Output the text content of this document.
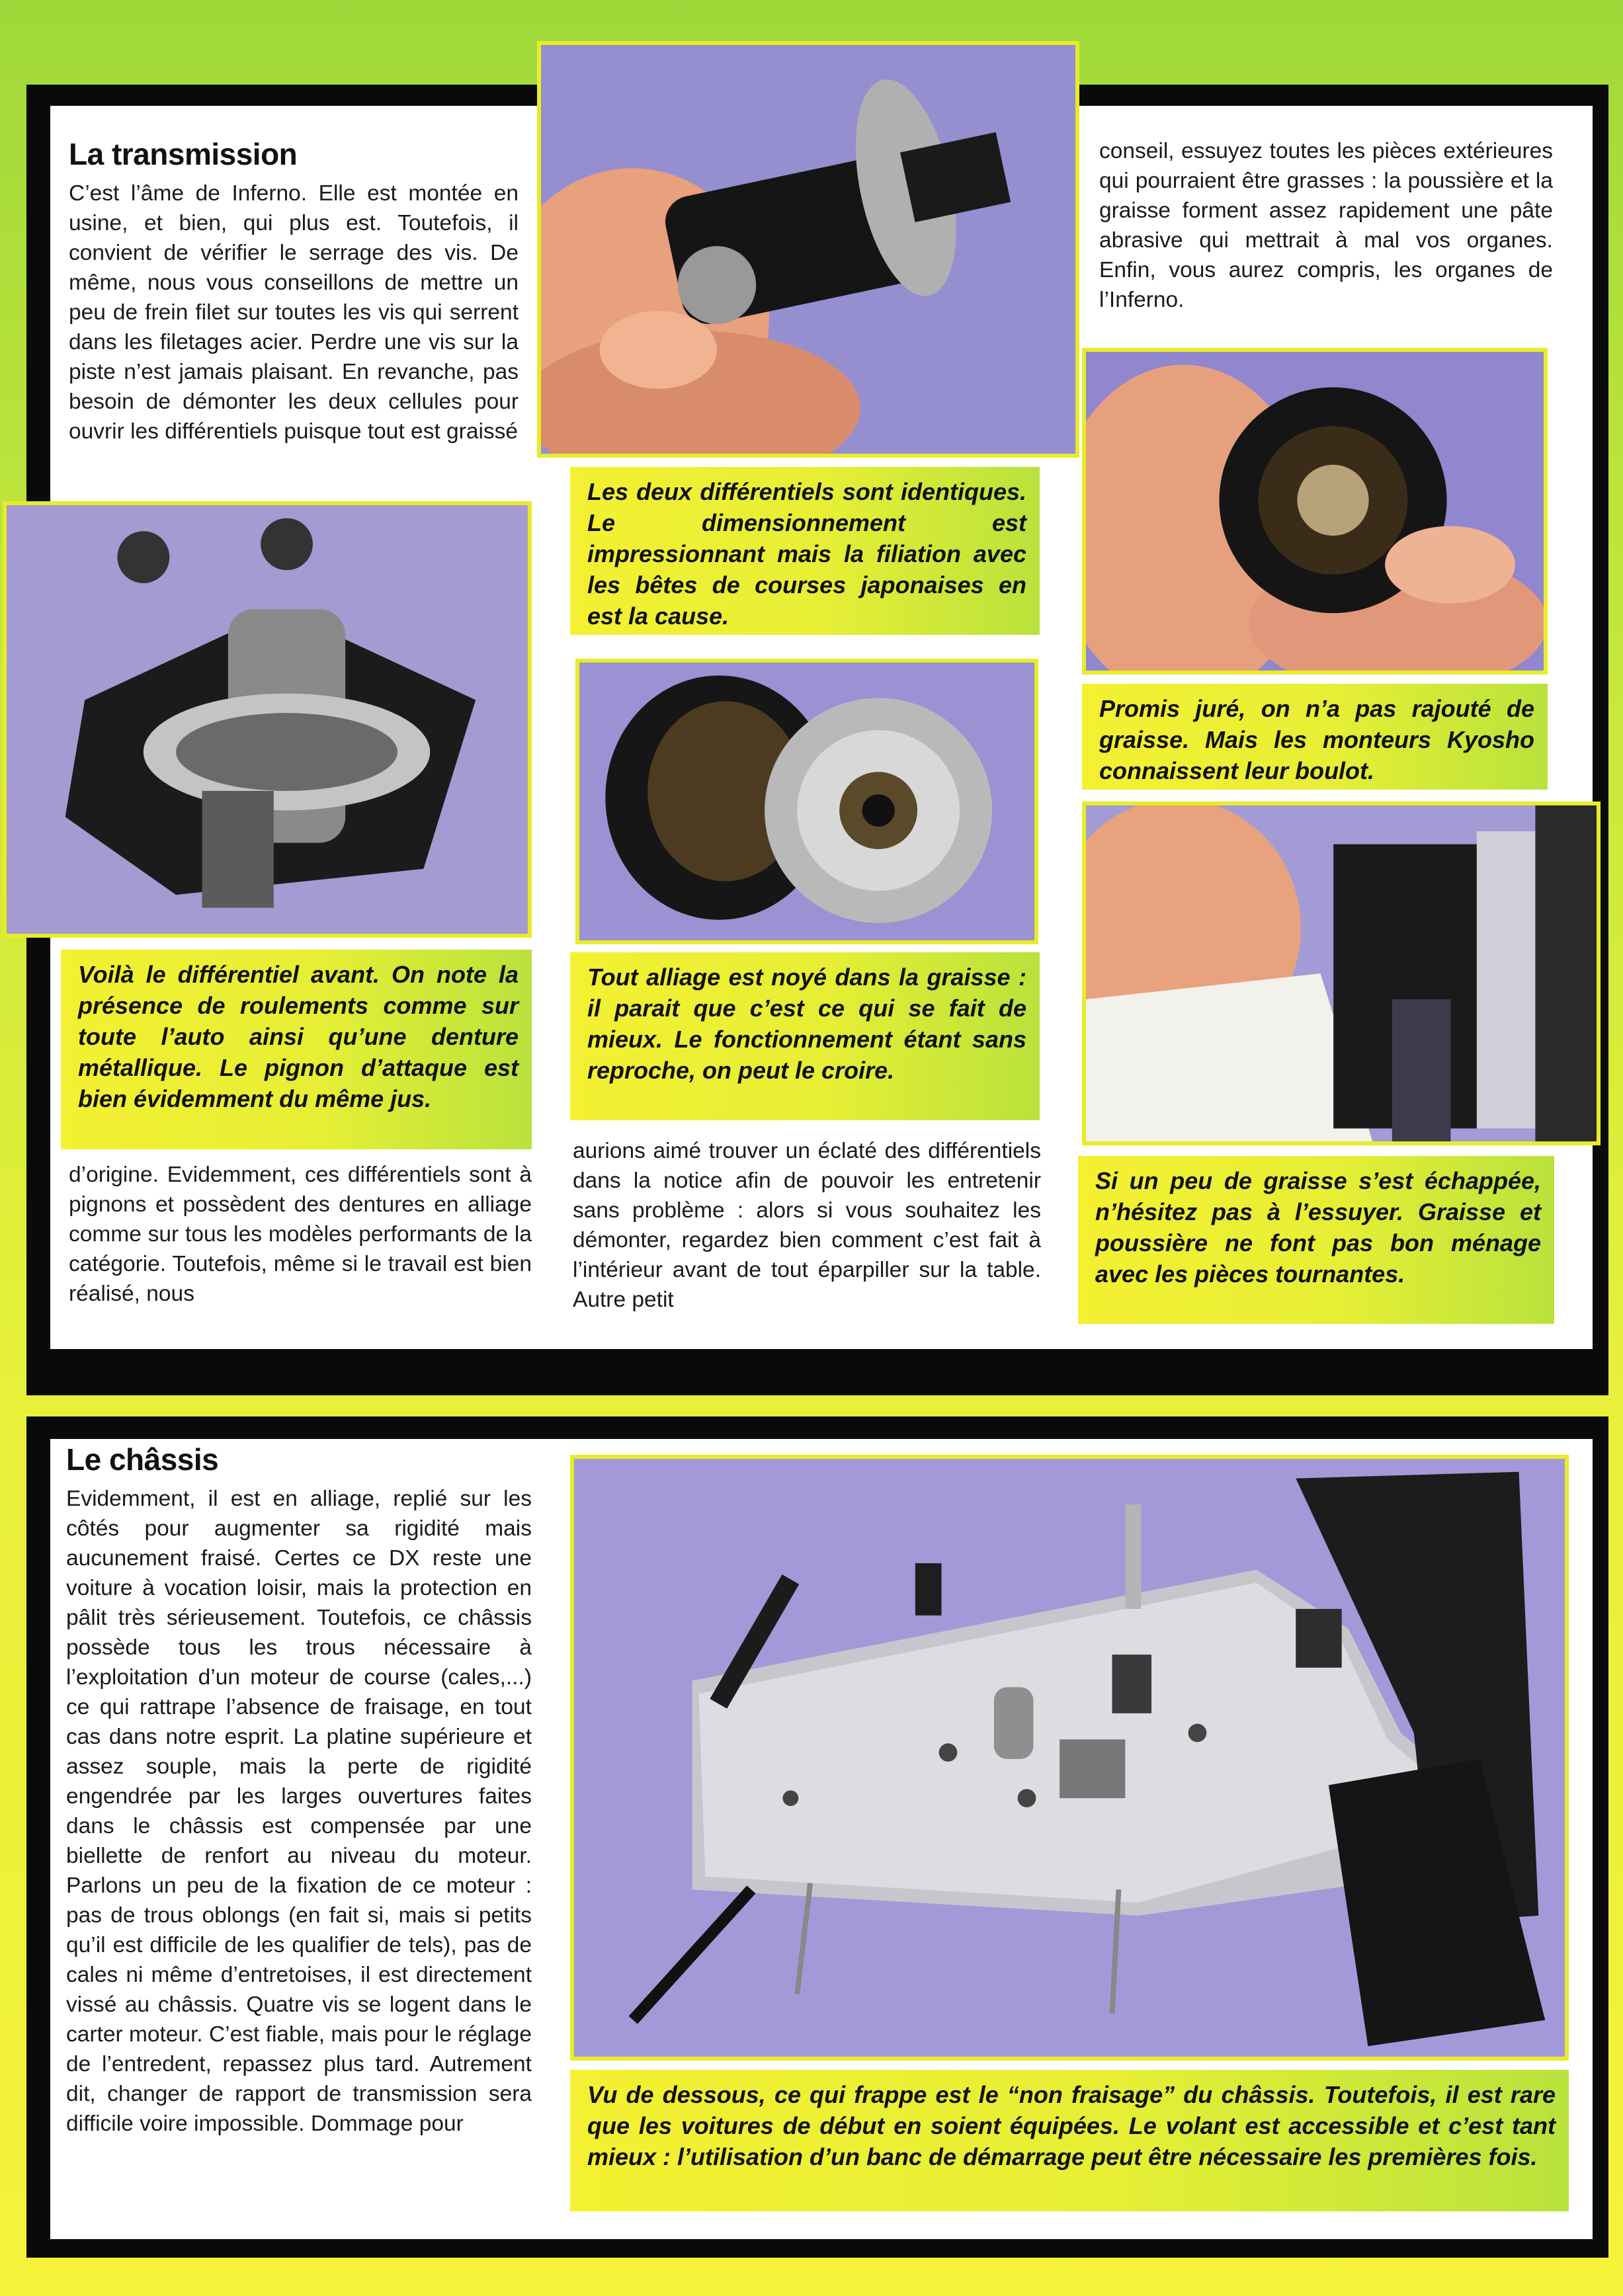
La transmission

C’est l’âme de Inferno. Elle est montée en usine, et bien, qui plus est. Toutefois, il convient de vérifier le serrage des vis. De même, nous vous conseillons de mettre un peu de frein filet sur toutes les vis qui serrent dans les filetages acier. Perdre une vis sur la piste n’est jamais plaisant. En revanche, pas besoin de démonter les deux cellules pour ouvrir les différentiels puisque tout est graissé

Les deux différentiels sont identiques. Le dimensionnement est impressionnant mais la filiation avec les bêtes de courses japonaises en est la cause.

conseil, essuyez toutes les pièces extérieures qui pourraient être grasses : la poussière et la graisse forment assez rapidement une pâte abrasive qui mettrait à mal vos organes. Enfin, vous aurez compris, les organes de l’Inferno.

Voilà le différentiel avant. On note la présence de roulements comme sur toute l’auto ainsi qu’une denture métallique. Le pignon d’attaque est bien évidemment du même jus.

d’origine. Evidemment, ces différentiels sont à pignons et possèdent des dentures en alliage comme sur tous les modèles performants de la catégorie. Toutefois, même si le travail est bien réalisé, nous

Tout alliage est noyé dans la graisse : il parait que c’est ce qui se fait de mieux. Le fonctionnement étant sans reproche, on peut le croire.

aurions aimé trouver un éclaté des différentiels dans la notice afin de pouvoir les entretenir sans problème : alors si vous souhaitez les démonter, regardez bien comment c’est fait à l’intérieur avant de tout éparpiller sur la table. Autre petit

Promis juré, on n’a pas rajouté de graisse. Mais les monteurs Kyosho connaissent leur boulot.
Si un peu de graisse s’est échappée, n’hésitez pas à l’essuyer. Graisse et poussière ne font pas bon ménage avec les pièces tournantes.
Le châssis

Evidemment, il est en alliage, replié sur les côtés pour augmenter sa rigidité mais aucunement fraisé. Certes ce DX reste une voiture à vocation loisir, mais la protection en pâlit très sérieusement. Toutefois, ce châssis possède tous les trous nécessaire à l’exploitation d’un moteur de course (cales,...) ce qui rattrape l’absence de fraisage, en tout cas dans notre esprit. La platine supérieure et assez souple, mais la perte de rigidité engendrée par les larges ouvertures faites dans le châssis est compensée par une biellette de renfort au niveau du moteur. Parlons un peu de la fixation de ce moteur : pas de trous oblongs (en fait si, mais si petits qu’il est difficile de les qualifier de tels), pas de cales ni même d’entretoises, il est directement vissé au châssis. Quatre vis se logent dans le carter moteur. C’est fiable, mais pour le réglage de l’entredent, repassez plus tard. Autrement dit, changer de rapport de transmission sera difficile voire impossible. Dommage pour

Vu de dessous, ce qui frappe est le “non fraisage” du châssis. Toutefois, il est rare que les voitures de début en soient équipées. Le volant est accessible et c’est tant mieux : l’utilisation d’un banc de démarrage peut être nécessaire les premières fois.
